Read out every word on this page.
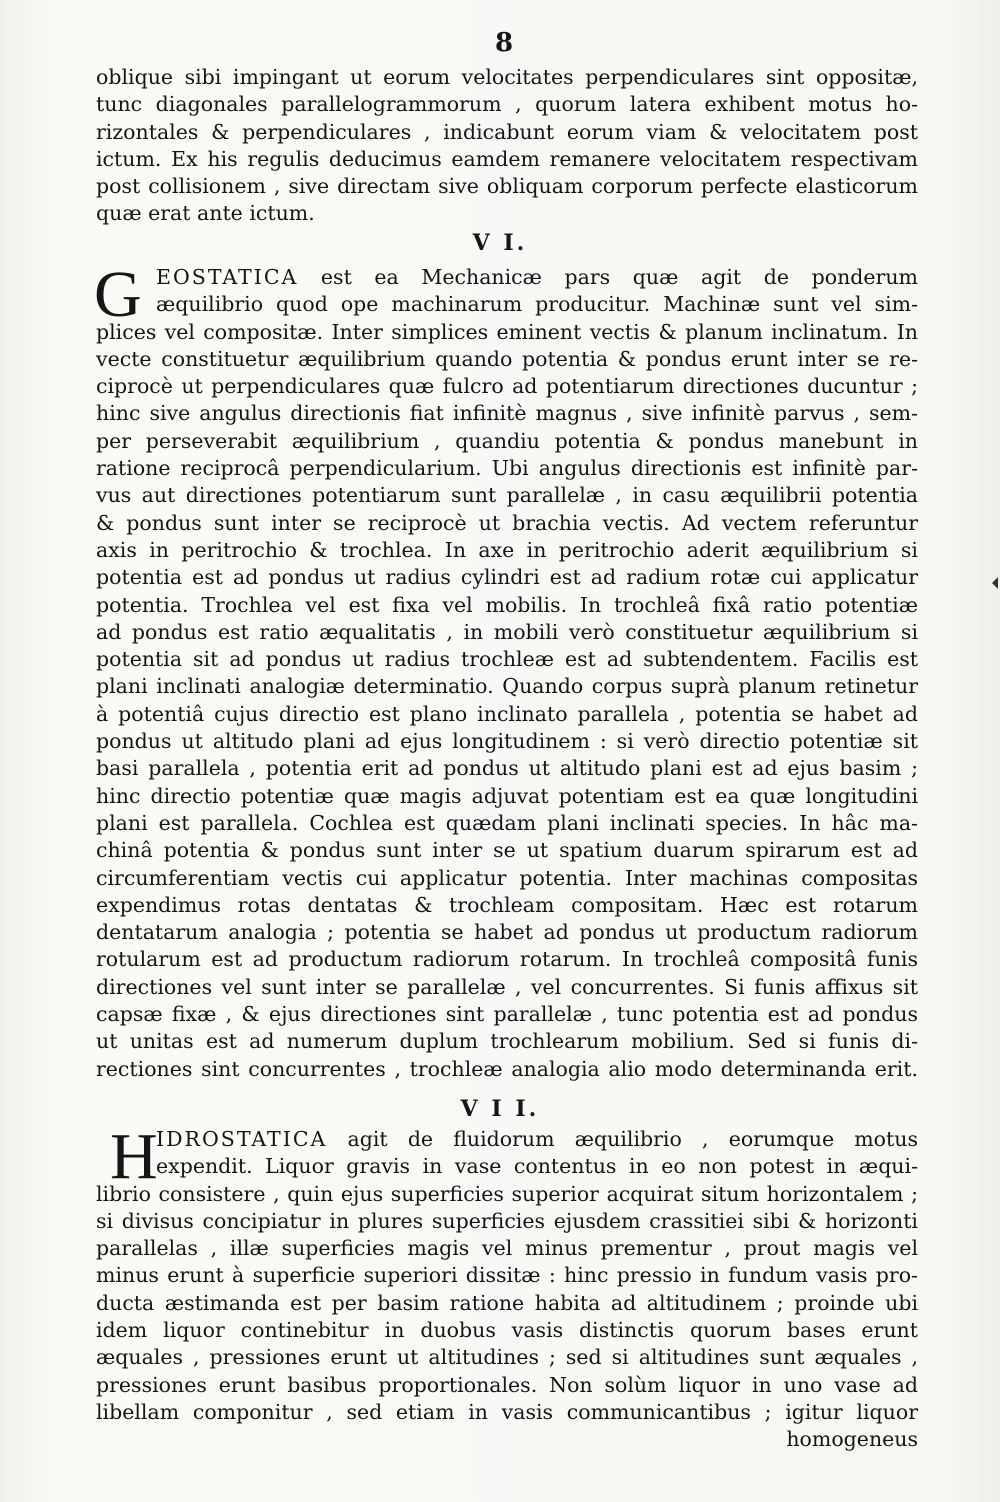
8
oblique sibi impingant ut eorum velocitates perpendiculares sint oppositæ,
tunc diagonales parallelogrammorum , quorum latera exhibent motus ho-
rizontales & perpendiculares , indicabunt eorum viam & velocitatem post
ictum. Ex his regulis deducimus eamdem remanere velocitatem respectivam
post collisionem , sive directam sive obliquam corporum perfecte elasticorum
quæ erat ante ictum.
V I.
G EOSTATICA est ea Mechanicæ pars quæ agit de ponderum
æquilibrio quod ope machinarum producitur. Machinæ sunt vel sim-
plices vel compositæ. Inter simplices eminent vectis & planum inclinatum. In
vecte constituetur æquilibrium quando potentia & pondus erunt inter se re-
ciprocè ut perpendiculares quæ fulcro ad potentiarum directiones ducuntur ;
hinc sive angulus directionis fiat infinitè magnus , sive infinitè parvus , sem-
per perseverabit æquilibrium , quandiu potentia & pondus manebunt in
ratione reciprocâ perpendicularium. Ubi angulus directionis est infinitè par-
vus aut directiones potentiarum sunt parallelæ , in casu æquilibrii potentia
& pondus sunt inter se reciprocè ut brachia vectis. Ad vectem referuntur
axis in peritrochio & trochlea. In axe in peritrochio aderit æquilibrium si
potentia est ad pondus ut radius cylindri est ad radium rotæ cui applicatur
potentia. Trochlea vel est fixa vel mobilis. In trochleâ fixâ ratio potentiæ
ad pondus est ratio æqualitatis , in mobili verò constituetur æquilibrium si
potentia sit ad pondus ut radius trochleæ est ad subtendentem. Facilis est
plani inclinati analogiæ determinatio. Quando corpus suprà planum retinetur
à potentiâ cujus directio est plano inclinato parallela , potentia se habet ad
pondus ut altitudo plani ad ejus longitudinem : si verò directio potentiæ sit
basi parallela , potentia erit ad pondus ut altitudo plani est ad ejus basim ;
hinc directio potentiæ quæ magis adjuvat potentiam est ea quæ longitudini
plani est parallela. Cochlea est quædam plani inclinati species. In hâc ma-
chinâ potentia & pondus sunt inter se ut spatium duarum spirarum est ad
circumferentiam vectis cui applicatur potentia. Inter machinas compositas
expendimus rotas dentatas & trochleam compositam. Hæc est rotarum
dentatarum analogia ; potentia se habet ad pondus ut productum radiorum
rotularum est ad productum radiorum rotarum. In trochleâ compositâ funis
directiones vel sunt inter se parallelæ , vel concurrentes. Si funis affixus sit
capsæ fixæ , & ejus directiones sint parallelæ , tunc potentia est ad pondus
ut unitas est ad numerum duplum trochlearum mobilium. Sed si funis di-
rectiones sint concurrentes , trochleæ analogia alio modo determinanda erit.
V I I.
H
IDROSTATICA agit de fluidorum æquilibrio , eorumque motus
expendit. Liquor gravis in vase contentus in eo non potest in æqui-
librio consistere , quin ejus superficies superior acquirat situm horizontalem ;
si divisus concipiatur in plures superficies ejusdem crassitiei sibi & horizonti
parallelas , illæ superficies magis vel minus prementur , prout magis vel
minus erunt à superficie superiori dissitæ : hinc pressio in fundum vasis pro-
ducta æstimanda est per basim ratione habita ad altitudinem ; proinde ubi
idem liquor continebitur in duobus vasis distinctis quorum bases erunt
æquales , pressiones erunt ut altitudines ; sed si altitudines sunt æquales ,
pressiones erunt basibus proportionales. Non solùm liquor in uno vase ad
libellam componitur , sed etiam in vasis communicantibus ; igitur liquor
homogeneus
